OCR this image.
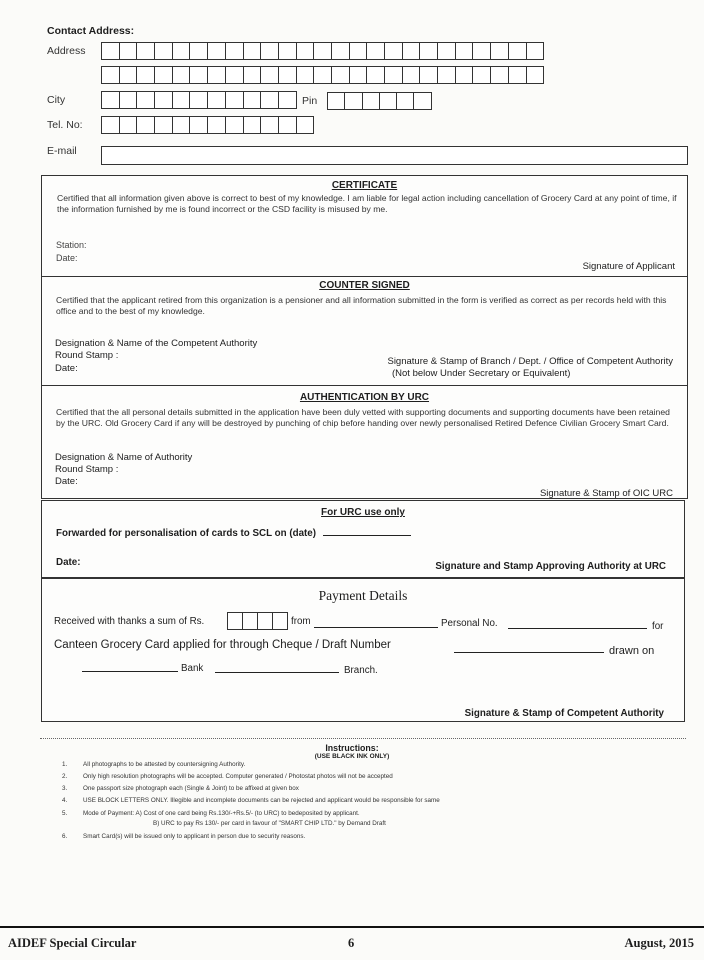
Contact Address:
Address
City	Pin
Tel. No:
E-mail
CERTIFICATE
Certified that all information given above is correct to best of my knowledge. I am liable for legal action including cancellation of Grocery Card at any point of time, if the information furnished by me is found incorrect or the CSD facility is misused by me.
Station:
Date:
Signature of Applicant
COUNTER SIGNED
Certified that the applicant retired from this organization is a pensioner and all information submitted in the form is verified as correct as per records held with this office and to the best of my knowledge.
Designation & Name of the Competent Authority
Round Stamp :
Date:
Signature & Stamp of Branch / Dept. / Office of Competent Authority
(Not below Under Secretary or Equivalent)
AUTHENTICATION BY URC
Certified that the all personal details submitted in the application have been duly vetted with supporting documents and supporting documents have been retained by the URC. Old Grocery Card if any will be destroyed by punching of chip before handing over newly personalised Retired Defence Civilian Grocery Smart Card.
Designation & Name of Authority
Round Stamp :
Date:
Signature & Stamp of OIC URC
For URC use only
Forwarded for personalisation of cards to SCL on (date)
Date:	Signature and Stamp Approving Authority at URC
Payment Details
Received with thanks a sum of Rs.	from	Personal No.	for
Canteen Grocery Card applied for through Cheque / Draft Number	drawn on
Bank	Branch.
Signature & Stamp of Competent Authority
Instructions:
(USE BLACK INK ONLY)
1. All photographs to be attested by countersigning Authority.
2. Only high resolution photographs will be accepted. Computer generated / Photostat photos will not be accepted
3. One passport size photograph each (Single & Joint) to be affixed at given box
4. USE BLOCK LETTERS ONLY. Illegible and incomplete documents can be rejected and applicant would be responsible for same
5. Mode of Payment: A) Cost of one card being Rs.130/-+Rs.5/- (to URC) to bedeposited by applicant.
B) URC to pay Rs 130/- per card in favour of "SMART CHIP LTD." by Demand Draft
6. Smart Card(s) will be issued only to applicant in person due to security reasons.
AIDEF Special Circular	6	August, 2015
